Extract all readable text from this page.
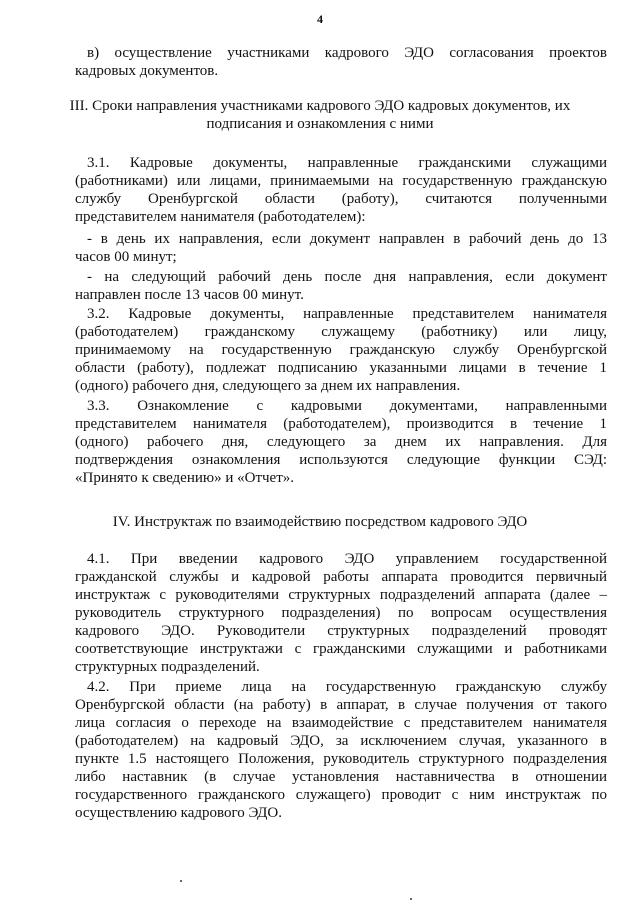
4
в) осуществление участниками кадрового ЭДО согласования проектов
кадровых документов.
III. Сроки направления участниками кадрового ЭДО кадровых документов, их
подписания и ознакомления с ними
3.1. Кадровые документы, направленные гражданскими служащими
(работниками) или лицами, принимаемыми на государственную гражданскую
службу Оренбургской области (работу), считаются полученными
представителем нанимателя (работодателем):
- в день их направления, если документ направлен в рабочий день до 13
часов 00 минут;
- на следующий рабочий день после дня направления, если документ
направлен после 13 часов 00 минут.
3.2. Кадровые документы, направленные представителем нанимателя
(работодателем) гражданскому служащему (работнику) или лицу,
принимаемому на государственную гражданскую службу Оренбургской
области (работу), подлежат подписанию указанными лицами в течение 1
(одного) рабочего дня, следующего за днем их направления.
3.3. Ознакомление с кадровыми документами, направленными
представителем нанимателя (работодателем), производится в течение 1
(одного) рабочего дня, следующего за днем их направления. Для
подтверждения ознакомления используются следующие функции СЭД:
«Принято к сведению» и «Отчет».
IV. Инструктаж по взаимодействию посредством кадрового ЭДО
4.1. При введении кадрового ЭДО управлением государственной
гражданской службы и кадровой работы аппарата проводится первичный
инструктаж с руководителями структурных подразделений аппарата (далее –
руководитель структурного подразделения) по вопросам осуществления
кадрового ЭДО. Руководители структурных подразделений проводят
соответствующие инструктажи с гражданскими служащими и работниками
структурных подразделений.
4.2. При приеме лица на государственную гражданскую службу
Оренбургской области (на работу) в аппарат, в случае получения от такого
лица согласия о переходе на взаимодействие с представителем нанимателя
(работодателем) на кадровый ЭДО, за исключением случая, указанного в
пункте 1.5 настоящего Положения, руководитель структурного подразделения
либо наставник (в случае установления наставничества в отношении
государственного гражданского служащего) проводит с ним инструктаж по
осуществлению кадрового ЭДО.
